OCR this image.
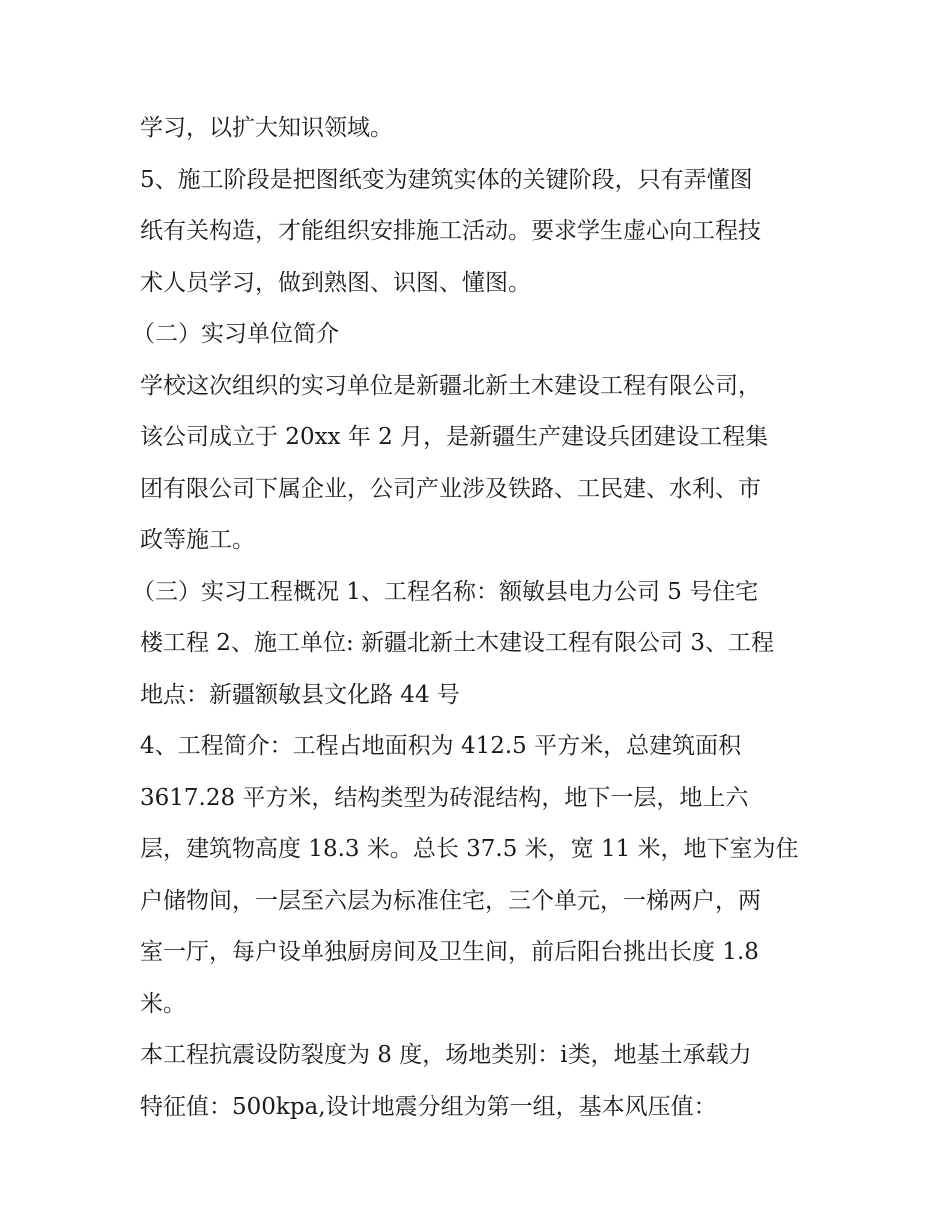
学习，以扩大知识领域。
5、施工阶段是把图纸变为建筑实体的关键阶段，只有弄懂图
纸有关构造，才能组织安排施工活动。要求学生虚心向工程技
术人员学习，做到熟图、识图、懂图。
（二）实习单位简介
学校这次组织的实习单位是新疆北新土木建设工程有限公司，
该公司成立于 20xx 年 2 月，是新疆生产建设兵团建设工程集
团有限公司下属企业，公司产业涉及铁路、工民建、水利、市
政等施工。
（三）实习工程概况 1、工程名称：额敏县电力公司 5 号住宅
楼工程 2、施工单位: 新疆北新土木建设工程有限公司 3、工程
地点：新疆额敏县文化路 44 号
4、工程简介：工程占地面积为 412.5 平方米，总建筑面积
3617.28 平方米，结构类型为砖混结构，地下一层，地上六
层，建筑物高度 18.3 米。总长 37.5 米，宽 11 米，地下室为住
户储物间，一层至六层为标准住宅，三个单元，一梯两户，两
室一厅，每户设单独厨房间及卫生间，前后阳台挑出长度 1.8
米。
本工程抗震设防裂度为 8 度，场地类别：ⅰ类，地基土承载力
特征值：500kpa,设计地震分组为第一组，基本风压值：
